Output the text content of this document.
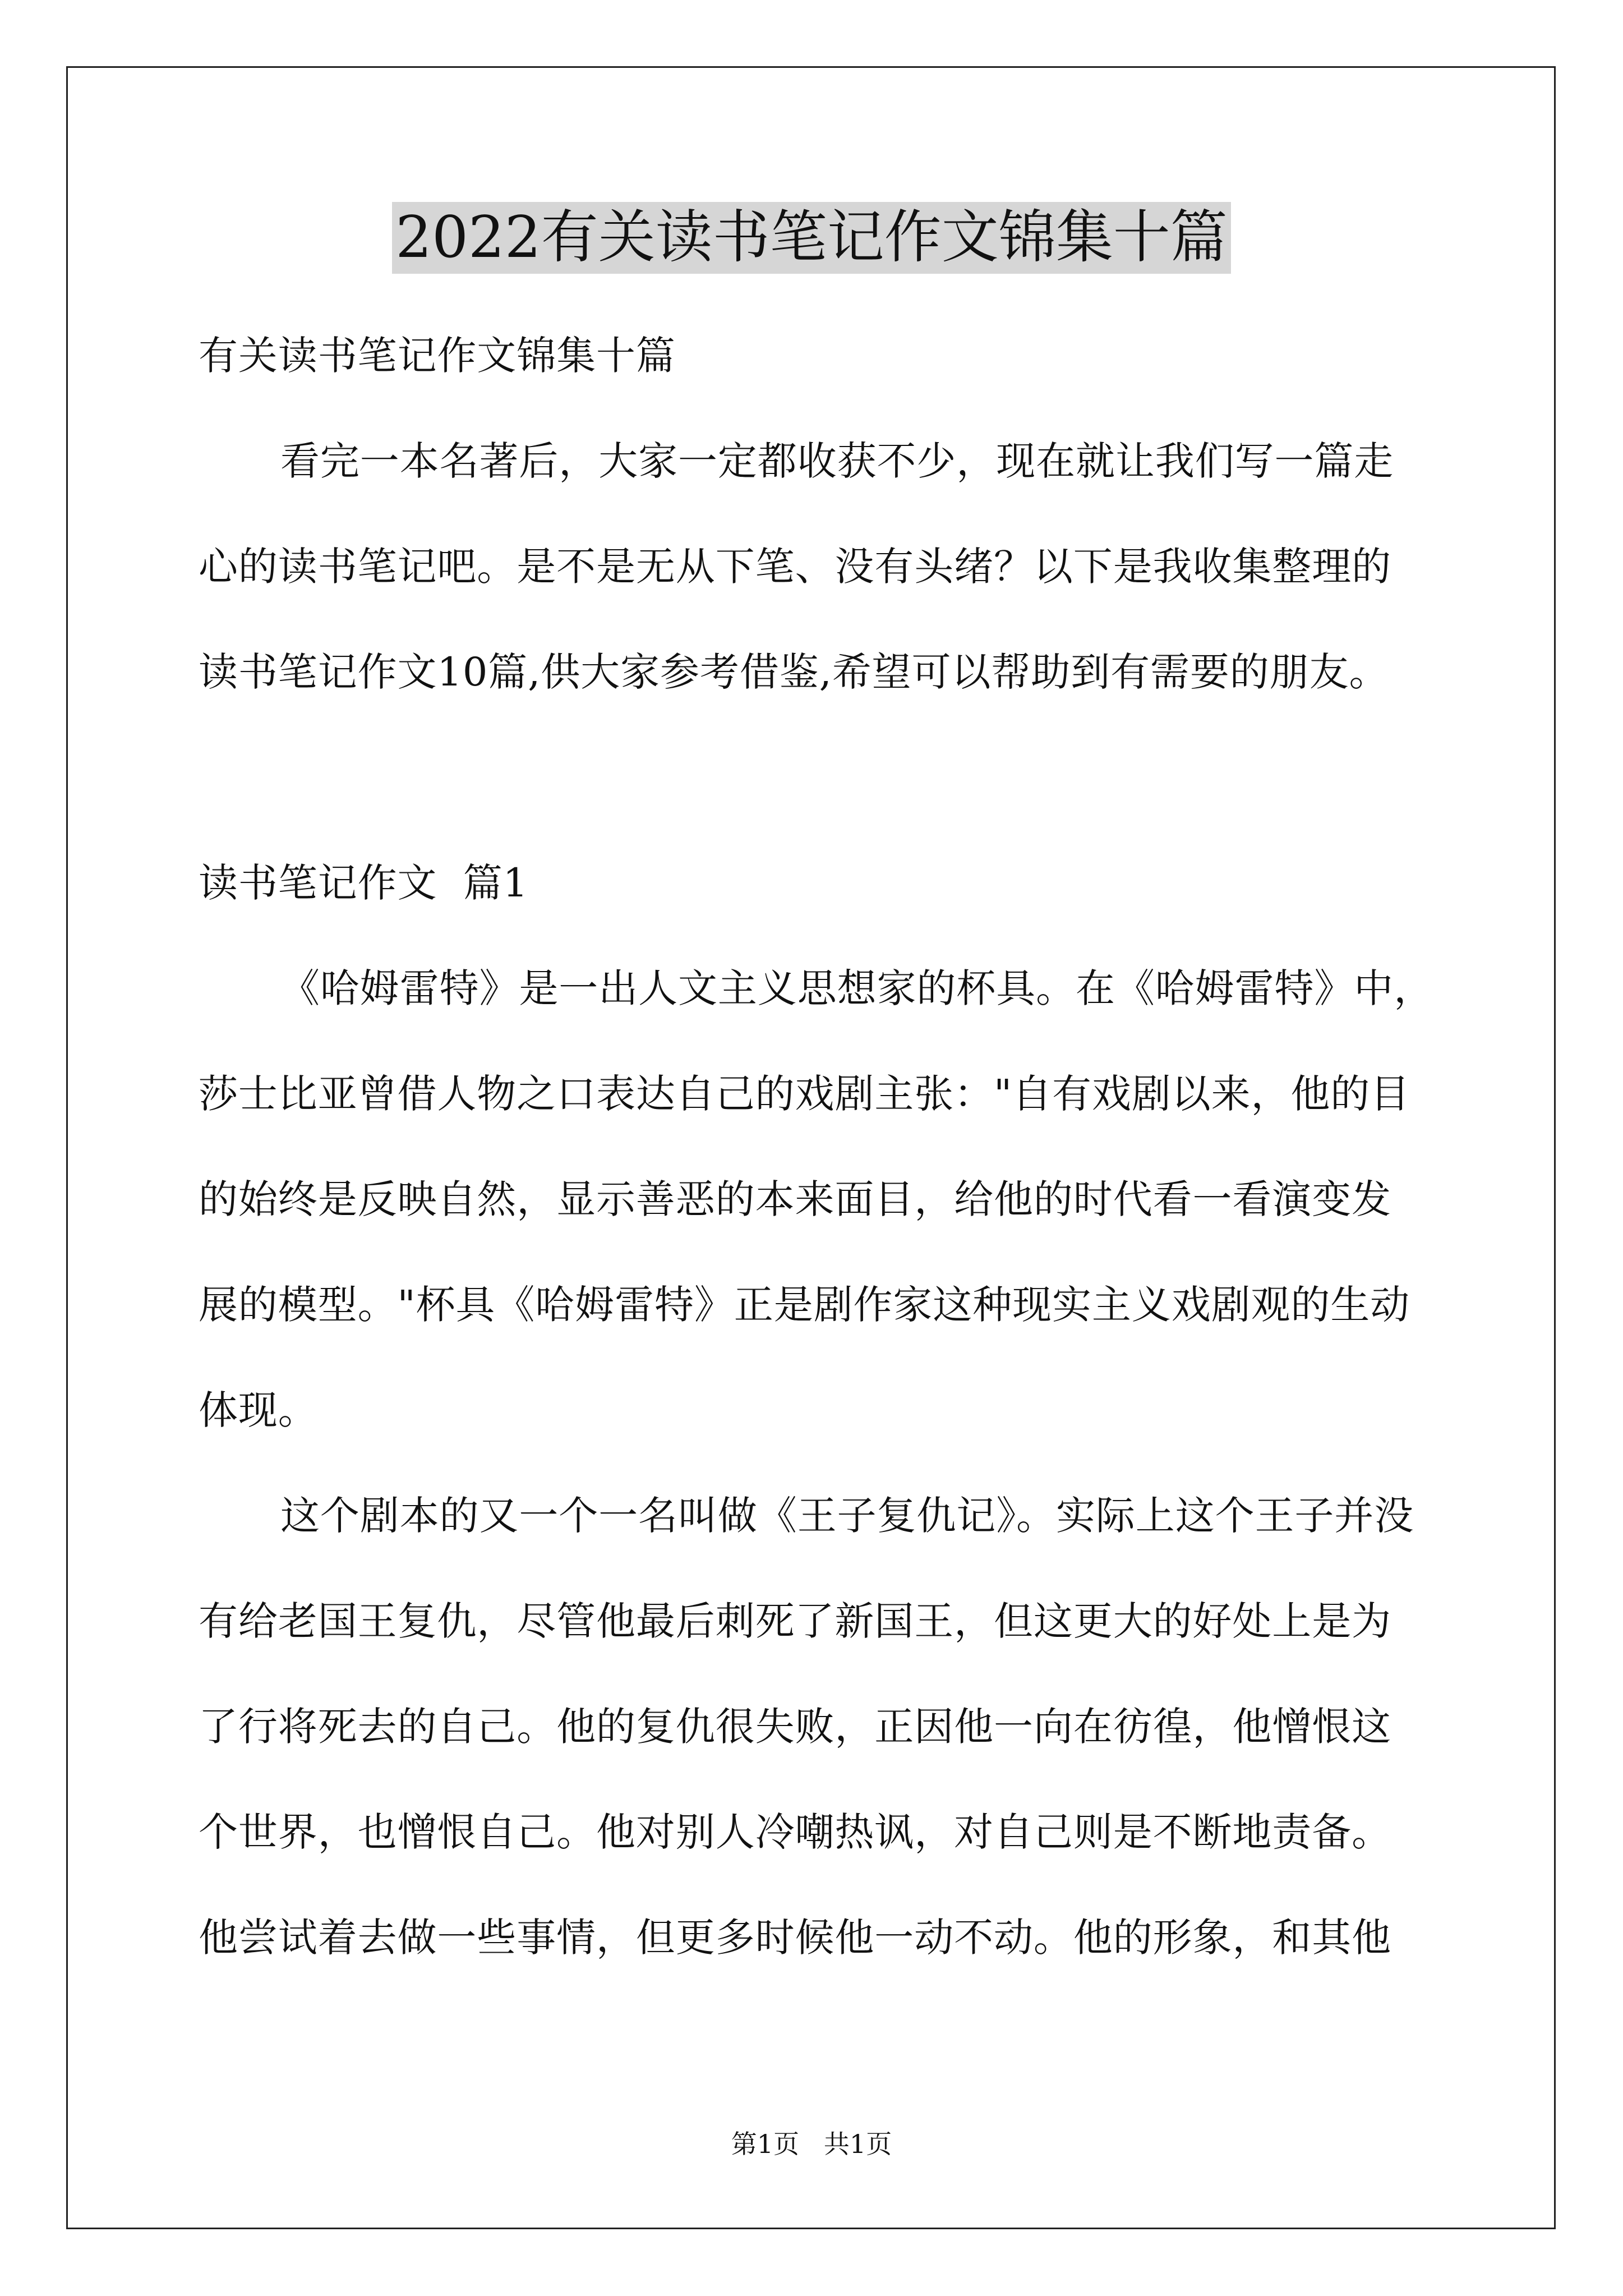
2022有关读书笔记作文锦集十篇

有关读书笔记作文锦集十篇

看完一本名著后，大家一定都收获不少，现在就让我们写一篇走

心的读书笔记吧。是不是无从下笔、没有头绪？以下是我收集整理的

读书笔记作文10篇,供大家参考借鉴,希望可以帮助到有需要的朋友。

读书笔记作文  篇1

《哈姆雷特》是一出人文主义思想家的杯具。在《哈姆雷特》中，

莎士比亚曾借人物之口表达自己的戏剧主张："自有戏剧以来，他的目

的始终是反映自然，显示善恶的本来面目，给他的时代看一看演变发

展的模型。"杯具《哈姆雷特》正是剧作家这种现实主义戏剧观的生动

体现。

这个剧本的又一个一名叫做《王子复仇记》。实际上这个王子并没

有给老国王复仇，尽管他最后刺死了新国王，但这更大的好处上是为

了行将死去的自己。他的复仇很失败，正因他一向在彷徨，他憎恨这

个世界，也憎恨自己。他对别人冷嘲热讽，对自己则是不断地责备。

他尝试着去做一些事情，但更多时候他一动不动。他的形象，和其他

第1页   共1页
